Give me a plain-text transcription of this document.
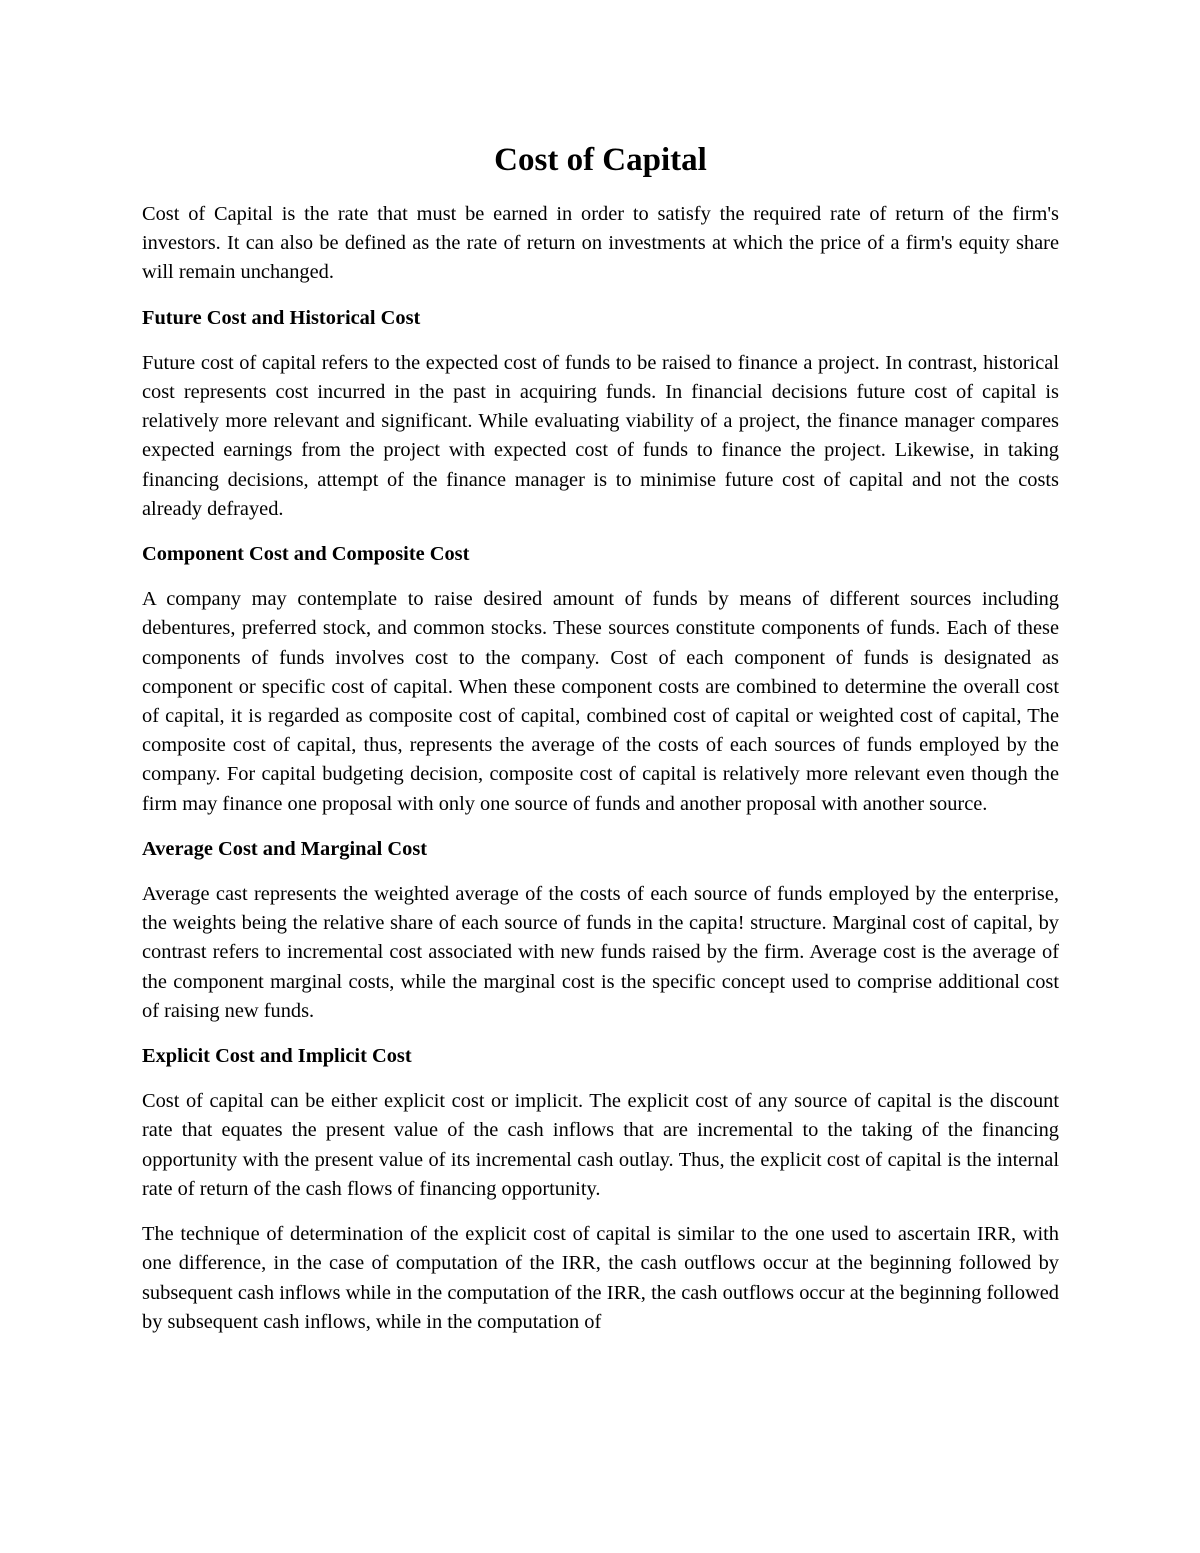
Cost of Capital

Cost of Capital is the rate that must be earned in order to satisfy the required rate of return of the firm's investors. It can also be defined as the rate of return on investments at which the price of a firm's equity share will remain unchanged.

Future Cost and Historical Cost

Future cost of capital refers to the expected cost of funds to be raised to finance a project. In contrast, historical cost represents cost incurred in the past in acquiring funds. In financial decisions future cost of capital is relatively more relevant and significant. While evaluating viability of a project, the finance manager compares expected earnings from the project with expected cost of funds to finance the project. Likewise, in taking financing decisions, attempt of the finance manager is to minimise future cost of capital and not the costs already defrayed.

Component Cost and Composite Cost

A company may contemplate to raise desired amount of funds by means of different sources including debentures, preferred stock, and common stocks. These sources constitute components of funds. Each of these components of funds involves cost to the company. Cost of each component of funds is designated as component or specific cost of capital. When these component costs are combined to determine the overall cost of capital, it is regarded as composite cost of capital, combined cost of capital or weighted cost of capital, The composite cost of capital, thus, represents the average of the costs of each sources of funds employed by the company. For capital budgeting decision, composite cost of capital is relatively more relevant even though the firm may finance one proposal with only one source of funds and another proposal with another source.

Average Cost and Marginal Cost

Average cast represents the weighted average of the costs of each source of funds employed by the enterprise, the weights being the relative share of each source of funds in the capita! structure. Marginal cost of capital, by contrast refers to incremental cost associated with new funds raised by the firm. Average cost is the average of the component marginal costs, while the marginal cost is the specific concept used to comprise additional cost of raising new funds.

Explicit Cost and Implicit Cost

Cost of capital can be either explicit cost or implicit. The explicit cost of any source of capital is the discount rate that equates the present value of the cash inflows that are incremental to the taking of the financing opportunity with the present value of its incremental cash outlay. Thus, the explicit cost of capital is the internal rate of return of the cash flows of financing opportunity.

The technique of determination of the explicit cost of capital is similar to the one used to ascertain IRR, with one difference, in the case of computation of the IRR, the cash outflows occur at the beginning followed by subsequent cash inflows while in the computation of the IRR, the cash outflows occur at the beginning followed by subsequent cash inflows, while in the computation of
